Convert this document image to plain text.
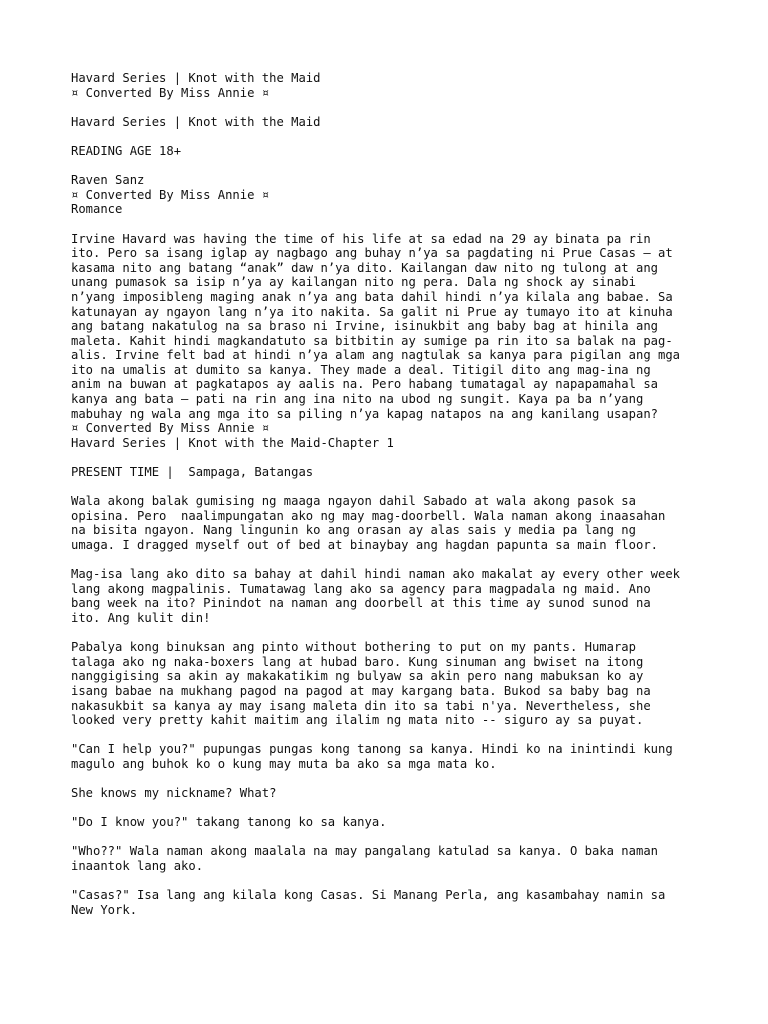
Havard Series | Knot with the Maid
¤ Converted By Miss Annie ¤
Havard Series | Knot with the Maid
READING AGE 18+
Raven Sanz
¤ Converted By Miss Annie ¤
Romance
Irvine Havard was having the time of his life at sa edad na 29 ay binata pa rin
ito. Pero sa isang iglap ay nagbago ang buhay n’ya sa pagdating ni Prue Casas — at
kasama nito ang batang “anak” daw n’ya dito. Kailangan daw nito ng tulong at ang
unang pumasok sa isip n’ya ay kailangan nito ng pera. Dala ng shock ay sinabi
n’yang imposibleng maging anak n’ya ang bata dahil hindi n’ya kilala ang babae. Sa
katunayan ay ngayon lang n’ya ito nakita. Sa galit ni Prue ay tumayo ito at kinuha
ang batang nakatulog na sa braso ni Irvine, isinukbit ang baby bag at hinila ang
maleta. Kahit hindi magkandatuto sa bitbitin ay sumige pa rin ito sa balak na pag-
alis. Irvine felt bad at hindi n’ya alam ang nagtulak sa kanya para pigilan ang mga
ito na umalis at dumito sa kanya. They made a deal. Titigil dito ang mag-ina ng
anim na buwan at pagkatapos ay aalis na. Pero habang tumatagal ay napapamahal sa
kanya ang bata — pati na rin ang ina nito na ubod ng sungit. Kaya pa ba n’yang
mabuhay ng wala ang mga ito sa piling n’ya kapag natapos na ang kanilang usapan?
¤ Converted By Miss Annie ¤
Havard Series | Knot with the Maid-Chapter 1
PRESENT TIME |  Sampaga, Batangas
Wala akong balak gumising ng maaga ngayon dahil Sabado at wala akong pasok sa
opisina. Pero  naalimpungatan ako ng may mag-doorbell. Wala naman akong inaasahan
na bisita ngayon. Nang lingunin ko ang orasan ay alas sais y media pa lang ng
umaga. I dragged myself out of bed at binaybay ang hagdan papunta sa main floor.
Mag-isa lang ako dito sa bahay at dahil hindi naman ako makalat ay every other week
lang akong magpalinis. Tumatawag lang ako sa agency para magpadala ng maid. Ano
bang week na ito? Pinindot na naman ang doorbell at this time ay sunod sunod na
ito. Ang kulit din!
Pabalya kong binuksan ang pinto without bothering to put on my pants. Humarap
talaga ako ng naka-boxers lang at hubad baro. Kung sinuman ang bwiset na itong
nanggigising sa akin ay makakatikim ng bulyaw sa akin pero nang mabuksan ko ay
isang babae na mukhang pagod na pagod at may kargang bata. Bukod sa baby bag na
nakasukbit sa kanya ay may isang maleta din ito sa tabi n'ya. Nevertheless, she
looked very pretty kahit maitim ang ilalim ng mata nito -- siguro ay sa puyat.
"Can I help you?" pupungas pungas kong tanong sa kanya. Hindi ko na inintindi kung
magulo ang buhok ko o kung may muta ba ako sa mga mata ko.
She knows my nickname? What?
"Do I know you?" takang tanong ko sa kanya.
"Who??" Wala naman akong maalala na may pangalang katulad sa kanya. O baka naman
inaantok lang ako.
"Casas?" Isa lang ang kilala kong Casas. Si Manang Perla, ang kasambahay namin sa
New York.
